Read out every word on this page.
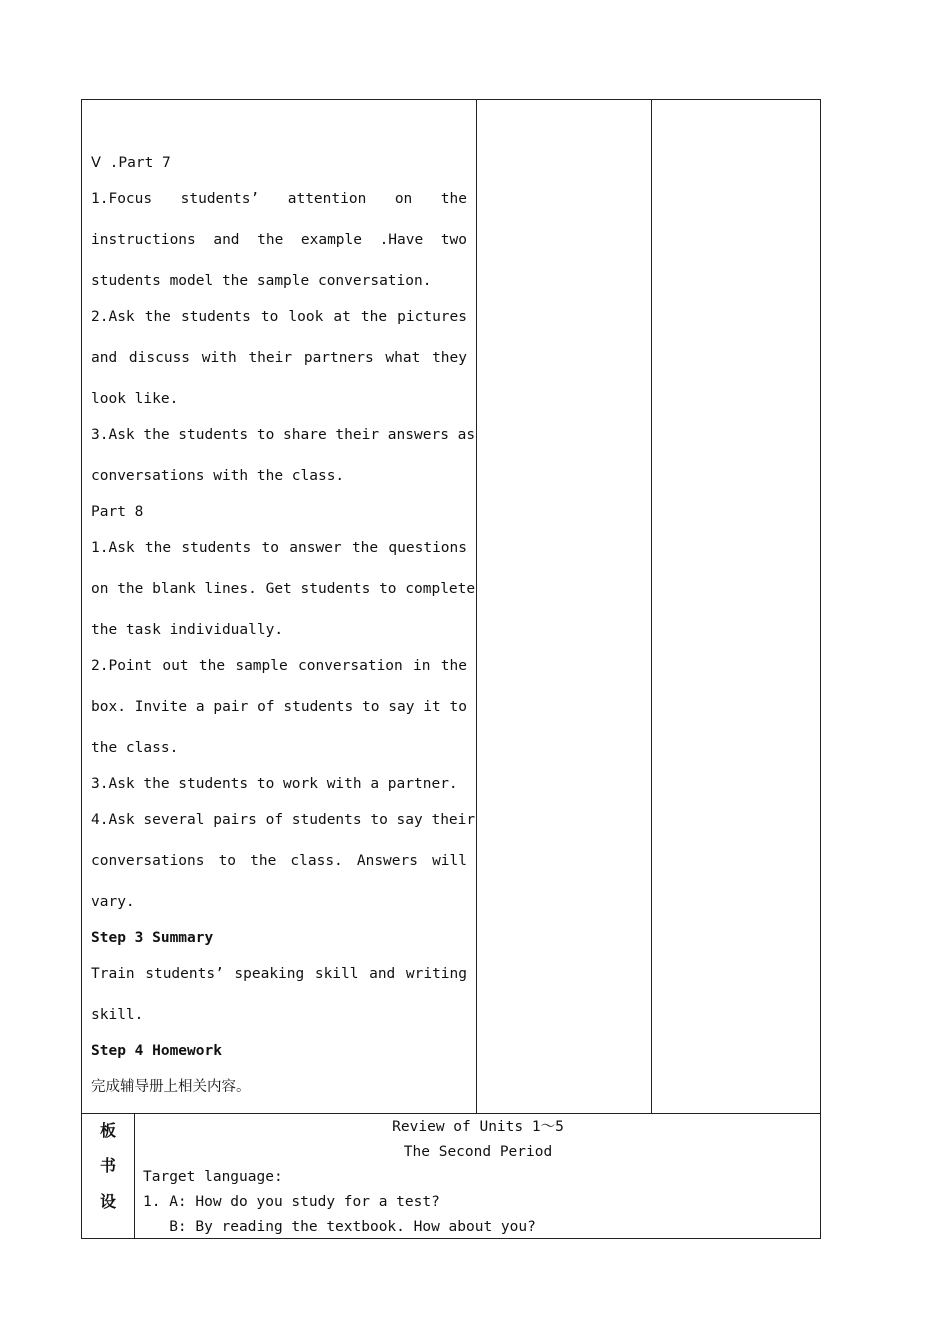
Ⅴ .Part 7
1.Focus students’ attention on the
instructions and the example .Have two
students model the sample conversation.
2.Ask the students to look at the pictures
and discuss with their partners what they
look like.
3.Ask the students to share their answers as
conversations with the class.
Part 8
1.Ask the students to answer the questions
on the blank lines. Get students to complete
the task individually.
2.Point out the sample conversation in the
box. Invite a pair of students to say it to
the class.
3.Ask the students to work with a partner.
4.Ask several pairs of students to say their
conversations to the class. Answers will
vary.
Step 3 Summary
Train students’ speaking skill and writing
skill.
Step 4 Homework
完成辅导册上相关内容。
板
书
设
Review of Units 1～5
The Second Period
Target language:
1. A: How do you study for a test?
B: By reading the textbook. How about you?
